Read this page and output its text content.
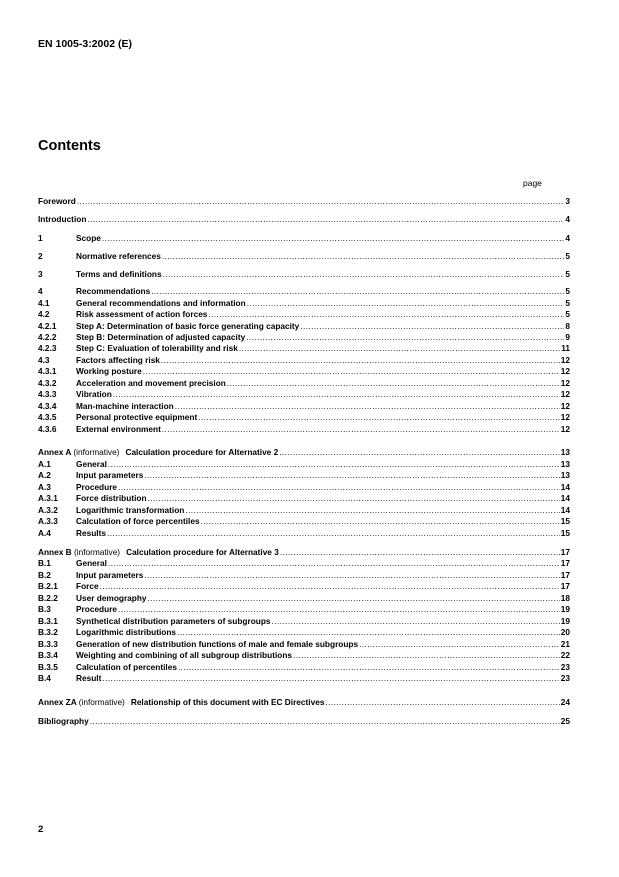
EN 1005-3:2002 (E)
Contents
page
Foreword .....	3
Introduction .....	4
1	Scope .....	4
2	Normative references .....	5
3	Terms and definitions .....	5
4	Recommendations .....	5
4.1	General recommendations and information .....	5
4.2	Risk assessment of action forces .....	5
4.2.1	Step A: Determination of basic force generating capacity .....	8
4.2.2	Step B: Determination of adjusted capacity .....	9
4.2.3	Step C: Evaluation of tolerability and risk .....	11
4.3	Factors affecting risk .....	12
4.3.1	Working posture .....	12
4.3.2	Acceleration and movement precision .....	12
4.3.3	Vibration .....	12
4.3.4	Man-machine interaction .....	12
4.3.5	Personal protective equipment .....	12
4.3.6	External environment .....	12
Annex A (informative) Calculation procedure for Alternative 2 .....	13
A.1	General .....	13
A.2	Input parameters .....	13
A.3	Procedure .....	14
A.3.1	Force distribution .....	14
A.3.2	Logarithmic transformation .....	14
A.3.3	Calculation of force percentiles .....	15
A.4	Results .....	15
Annex B (informative) Calculation procedure for Alternative 3 .....	17
B.1	General .....	17
B.2	Input parameters .....	17
B.2.1	Force .....	17
B.2.2	User demography .....	18
B.3	Procedure .....	19
B.3.1	Synthetical distribution parameters of subgroups .....	19
B.3.2	Logarithmic distributions .....	20
B.3.3	Generation of new distribution functions of male and female subgroups .....	21
B.3.4	Weighting and combining of all subgroup distributions .....	22
B.3.5	Calculation of percentiles .....	23
B.4	Result .....	23
Annex ZA (informative) Relationship of this document with EC Directives .....	24
Bibliography .....	25
2
